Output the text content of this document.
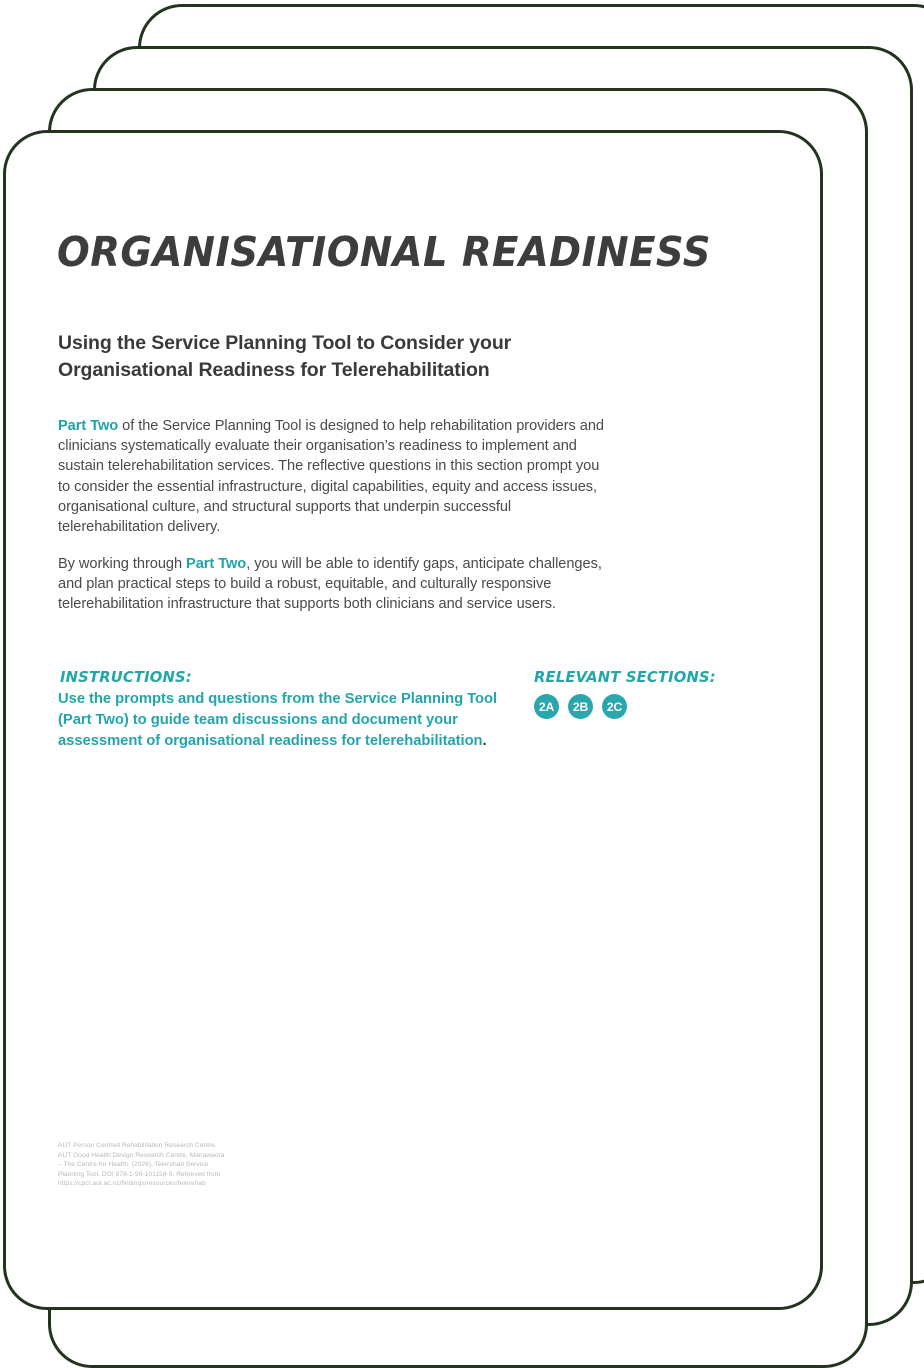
ORGANISATIONAL READINESS
Using the Service Planning Tool to Consider your Organisational Readiness for Telerehabilitation

Part Two of the Service Planning Tool is designed to help rehabilitation providers and clinicians systematically evaluate their organisation’s readiness to implement and sustain telerehabilitation services. The reflective questions in this section prompt you to consider the essential infrastructure, digital capabilities, equity and access issues, organisational culture, and structural supports that underpin successful telerehabilitation delivery.

By working through Part Two, you will be able to identify gaps, anticipate challenges, and plan practical steps to build a robust, equitable, and culturally responsive telerehabilitation infrastructure that supports both clinicians and service users.

INSTRUCTIONS:

Use the prompts and questions from the Service Planning Tool (Part Two) to guide team discussions and document your assessment of organisational readiness for telerehabilitation.

RELEVANT SECTIONS:

2A	2B	2C

AUT Person Centred Rehabilitation Research Centre,
AUT Good Health Design Research Centre, Manawaora
– The Centre for Health. (2026). Telerehab Service
Planning Tool. DOI 978-1-99-101158-9. Retrieved from
https://cpcr.aut.ac.nz/findings/resources/telerehab
